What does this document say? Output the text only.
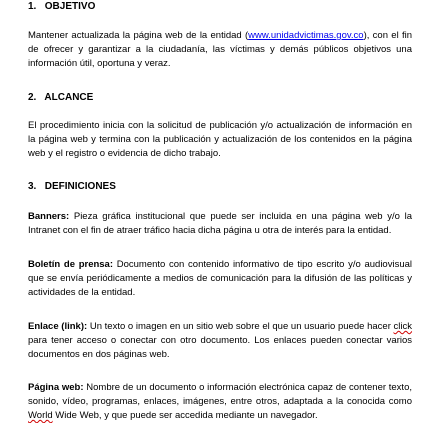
1. OBJETIVO
Mantener actualizada la página web de la entidad (www.unidadvictimas.gov.co), con el fin de ofrecer y garantizar a la ciudadanía, las víctimas y demás públicos objetivos una información útil, oportuna y veraz.
2. ALCANCE
El procedimiento inicia con la solicitud de publicación y/o actualización de información en la página web y termina con la publicación y actualización de los contenidos en la página web y el registro o evidencia de dicho trabajo.
3. DEFINICIONES
Banners: Pieza gráfica institucional que puede ser incluida en una página web y/o la Intranet con el fin de atraer tráfico hacia dicha página u otra de interés para la entidad.
Boletín de prensa: Documento con contenido informativo de tipo escrito y/o audiovisual que se envía periódicamente a medios de comunicación para la difusión de las políticas y actividades de la entidad.
Enlace (link): Un texto o imagen en un sitio web sobre el que un usuario puede hacer click para tener acceso o conectar con otro documento. Los enlaces pueden conectar varios documentos en dos páginas web.
Página web: Nombre de un documento o información electrónica capaz de contener texto, sonido, vídeo, programas, enlaces, imágenes, entre otros, adaptada a la conocida como World Wide Web, y que puede ser accedida mediante un navegador.
